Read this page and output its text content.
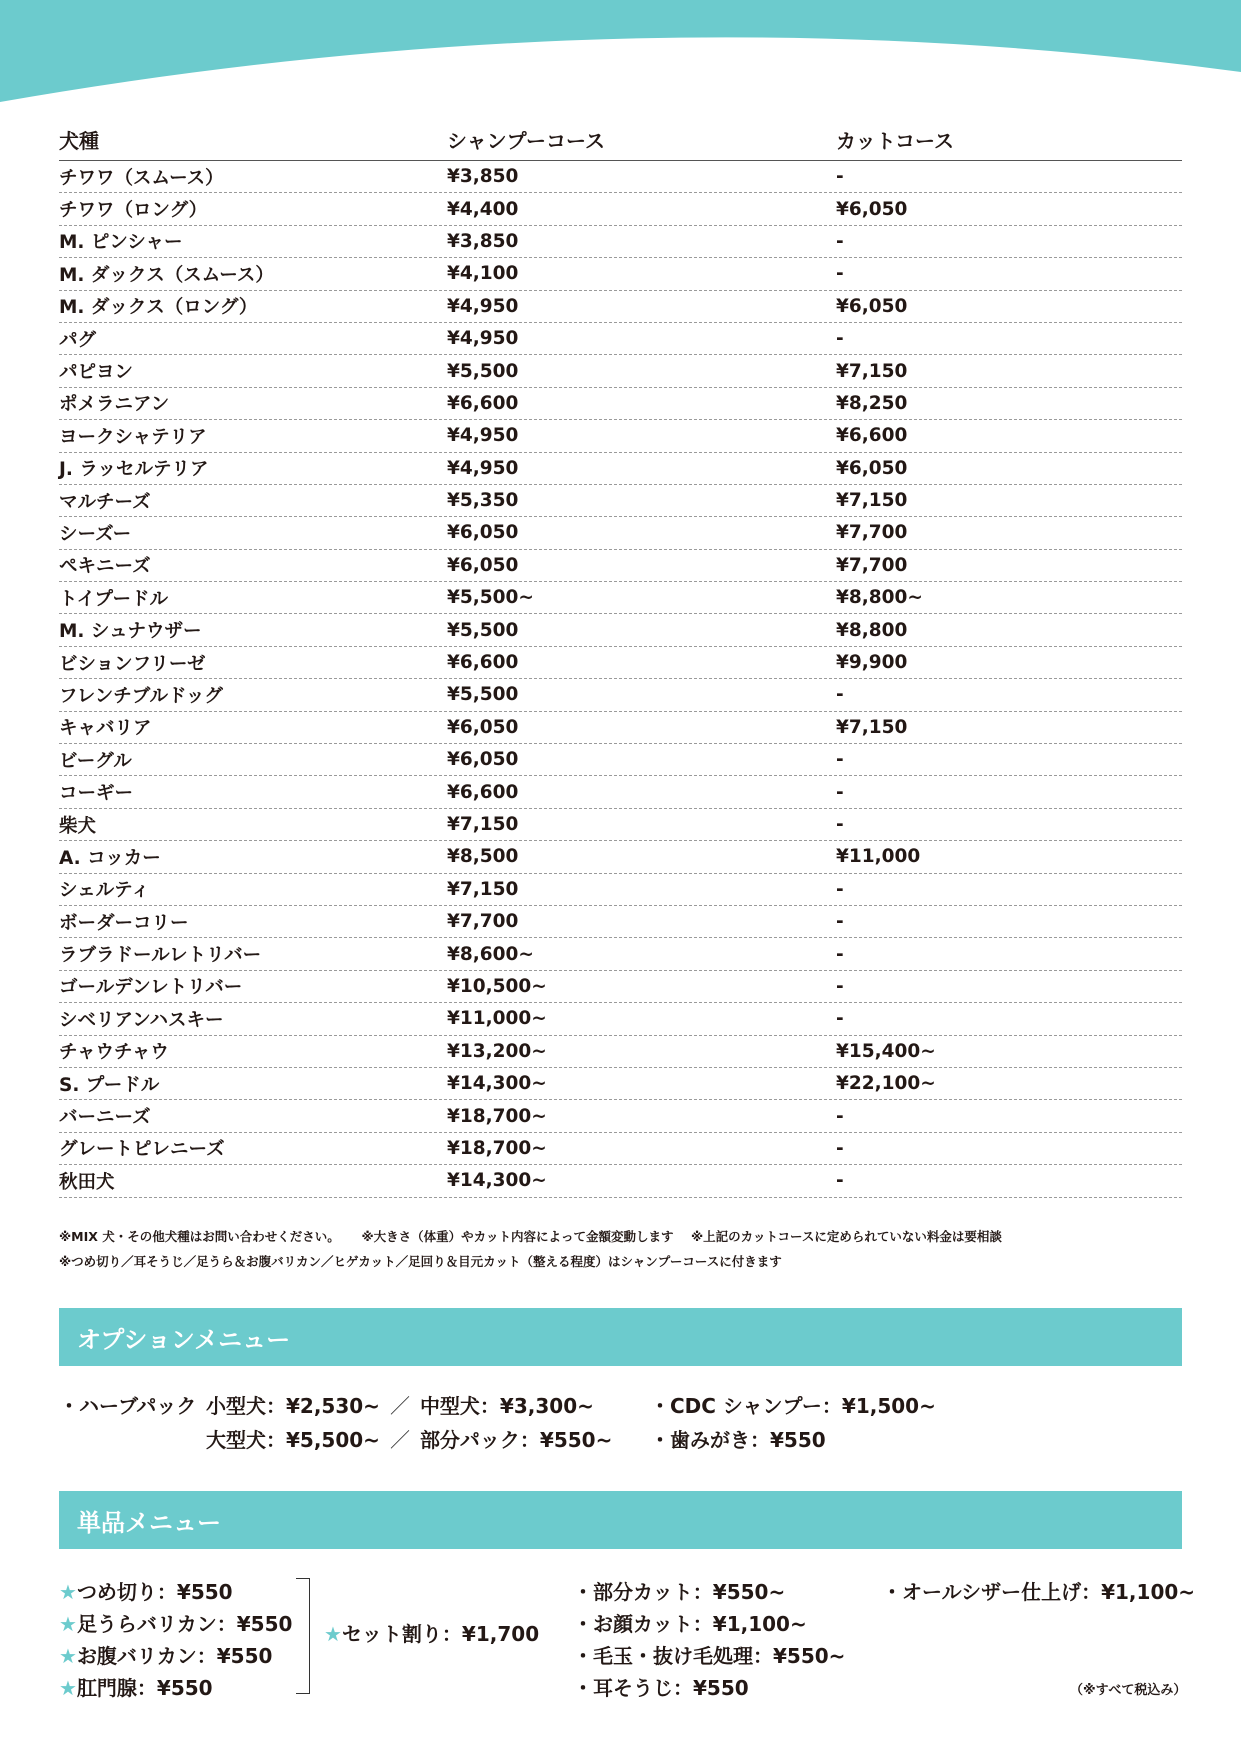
犬種	シャンプーコース	カットコース
チワワ（スムース）	¥3,850	-
チワワ（ロング）	¥4,400	¥6,050
M. ピンシャー	¥3,850	-
M. ダックス（スムース）	¥4,100	-
M. ダックス（ロング）	¥4,950	¥6,050
パグ	¥4,950	-
パピヨン	¥5,500	¥7,150
ポメラニアン	¥6,600	¥8,250
ヨークシャテリア	¥4,950	¥6,600
J. ラッセルテリア	¥4,950	¥6,050
マルチーズ	¥5,350	¥7,150
シーズー	¥6,050	¥7,700
ペキニーズ	¥6,050	¥7,700
トイプードル	¥5,500~	¥8,800~
M. シュナウザー	¥5,500	¥8,800
ビションフリーゼ	¥6,600	¥9,900
フレンチブルドッグ	¥5,500	-
キャバリア	¥6,050	¥7,150
ビーグル	¥6,050	-
コーギー	¥6,600	-
柴犬	¥7,150	-
A. コッカー	¥8,500	¥11,000
シェルティ	¥7,150	-
ボーダーコリー	¥7,700	-
ラブラドールレトリバー	¥8,600~	-
ゴールデンレトリバー	¥10,500~	-
シベリアンハスキー	¥11,000~	-
チャウチャウ	¥13,200~	¥15,400~
S. プードル	¥14,300~	¥22,100~
バーニーズ	¥18,700~	-
グレートピレニーズ	¥18,700~	-
秋田犬	¥14,300~	-
※MIX 犬・その他犬種はお問い合わせください。 ※大きさ（体重）やカット内容によって金額変動します ※上記のカットコースに定められていない料金は要相談
※つめ切り／耳そうじ／足うら＆お腹バリカン／ヒゲカット／足回り＆目元カット（整える程度）はシャンプーコースに付きます
オプションメニュー
・ハーブパック 小型犬：¥2,530~ ／ 中型犬：¥3,300~
大型犬：¥5,500~ ／ 部分パック：¥550~
・CDC シャンプー：¥1,500~
・歯みがき：¥550
単品メニュー
★つめ切り：¥550
★足うらバリカン：¥550
★お腹バリカン：¥550
★肛門腺：¥550
★セット割り：¥1,700
・部分カット：¥550~
・お顔カット：¥1,100~
・毛玉・抜け毛処理：¥550~
・耳そうじ：¥550
・オールシザー仕上げ：¥1,100~
（※すべて税込み）
